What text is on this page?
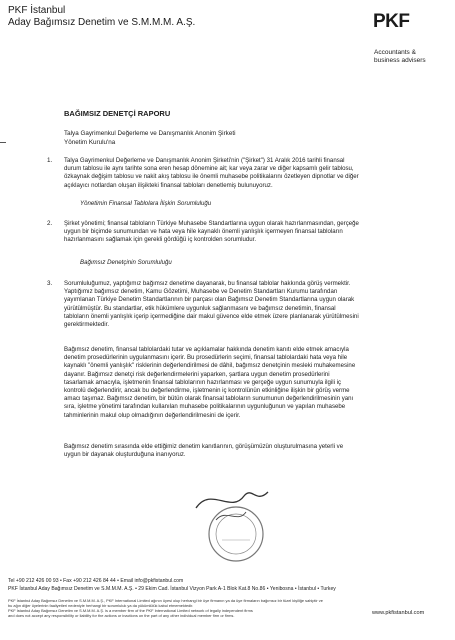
PKF İstanbul
Aday Bağımsız Denetim ve S.M.M.M. A.Ş.	PKF
Accountants &
business advisers
BAĞIMSIZ DENETÇİ RAPORU
Talya Gayrimenkul Değerleme ve Danışmanlık Anonim Şirketi
Yönetim Kurulu'na
1. Talya Gayrimenkul Değerleme ve Danışmanlık Anonim Şirketi'nin ("Şirket") 31 Aralık 2016 tarihli finansal
durum tablosu ile aynı tarihte sona eren hesap dönemine ait; kar veya zarar ve diğer kapsamlı gelir tablosu,
özkaynak değişim tablosu ve nakit akış tablosu ile önemli muhasebe politikalarını özetleyen dipnotlar ve diğer
açıklayıcı notlardan oluşan ilişikteki finansal tabloları denetlemiş bulunuyoruz.
Yönetimin Finansal Tablolara İlişkin Sorumluluğu
2. Şirket yönetimi; finansal tabloların Türkiye Muhasebe Standartlarına uygun olarak hazırlanmasından, gerçeğe
uygun bir biçimde sunumundan ve hata veya hile kaynaklı önemli yanlışlık içermeyen finansal tabloların
hazırlanmasını sağlamak için gerekli gördüğü iç kontrolden sorumludur.
Bağımsız Denetçinin Sorumluluğu
3. Sorumluluğumuz, yaptığımız bağımsız denetime dayanarak, bu finansal tablolar hakkında görüş vermektir.
Yaptığımız bağımsız denetim, Kamu Gözetimi, Muhasebe ve Denetim Standartları Kurumu tarafından
yayımlanan Türkiye Denetim Standartlarının bir parçası olan Bağımsız Denetim Standartlarına uygun olarak
yürütülmüştür. Bu standartlar, etik hükümlere uygunluk sağlanmasını ve bağımsız denetimin, finansal
tabloların önemli yanlışlık içerip içermediğine dair makul güvence elde etmek üzere planlanarak yürütülmesini
gerektirmektedir.
Bağımsız denetim, finansal tablolardaki tutar ve açıklamalar hakkında denetim kanıtı elde etmek amacıyla
denetim prosedürlerinin uygulanmasını içerir. Bu prosedürlerin seçimi, finansal tablolardaki hata veya hile
kaynaklı "önemli yanlışlık" risklerinin değerlendirilmesi de dâhil, bağımsız denetçinin mesleki muhakemesine
dayanır. Bağımsız denetçi risk değerlendirmelerini yaparken, şartlara uygun denetim prosedürlerini
tasarlamak amacıyla, işletmenin finansal tablolarının hazırlanması ve gerçeğe uygun sunumuyla ilgili iç
kontrolü değerlendirir, ancak bu değerlendirme, işletmenin iç kontrolünün etkinliğine ilişkin bir görüş verme
amacı taşımaz. Bağımsız denetim, bir bütün olarak finansal tabloların sunumunun değerlendirilmesinin yanı
sıra, işletme yönetimi tarafından kullanılan muhasebe politikalarının uygunluğunun ve yapılan muhasebe
tahminlerinin makul olup olmadığının değerlendirilmesini de içerir.
Bağımsız denetim sırasında elde ettiğimiz denetim kanıtlarının, görüşümüzün oluşturulmasına yeterli ve
uygun bir dayanak oluşturduğuna inanıyoruz.
Tel +90 212 426 00 93 • Fax +90 212 426 84 44 • Email info@pkfistanbul.com
PKF İstanbul Aday Bağımsız Denetim ve S.M.M.M. A.Ş. • 29 Ekim Cad. İstanbul Vizyon Park A-1 Blok Kat.8 No.86 • Yenibosna • İstanbul • Turkey
PKF İstanbul Aday Bağımsız Denetim ve S.M.M.M. A.Ş., PKF International Limited ağının üyesi olup herhangi bir üye firmanın ya da üye firmaların bağımsız bir tüzel kişiliğe sahiptir ve
bu ağın diğer üyelerinin faaliyetleri nedeniyle herhangi bir sorumluluk ya da yükümlülük kabul etmemektedir.
PKF İstanbul Aday Bağımsız Denetim ve S.M.M.M. A.Ş. is a member firm of the PKF International Limited network of legally independent firms
and does not accept any responsibility or liability for the actions or inactions on the part of any other individual member firm or firms.	www.pkfistanbul.com
